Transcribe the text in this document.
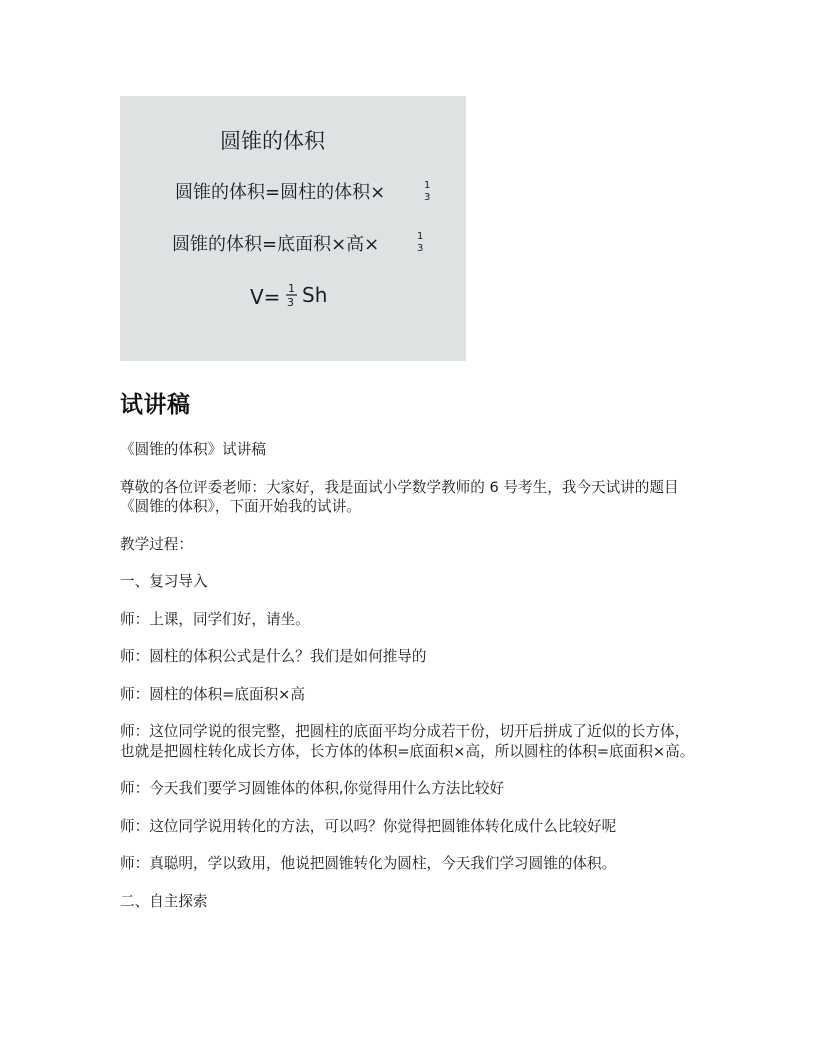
圆锥的体积
圆锥的体积=圆柱的体积×	1
3
圆锥的体积=底面积×高×	1
3
V= 1
3 Sh
试讲稿

《圆锥的体积》试讲稿

尊敬的各位评委老师：大家好，我是面试小学数学教师的 6 号考生，我今天试讲的题目《圆锥的体积》，下面开始我的试讲。

教学过程：

一、复习导入

师：上课，同学们好，请坐。

师：圆柱的体积公式是什么？我们是如何推导的

师：圆柱的体积=底面积×高

师：这位同学说的很完整，把圆柱的底面平均分成若干份，切开后拼成了近似的长方体，也就是把圆柱转化成长方体，长方体的体积=底面积×高，所以圆柱的体积=底面积×高。

师：今天我们要学习圆锥体的体积,你觉得用什么方法比较好

师：这位同学说用转化的方法，可以吗？你觉得把圆锥体转化成什么比较好呢

师：真聪明，学以致用，他说把圆锥转化为圆柱，今天我们学习圆锥的体积。

二、自主探索
